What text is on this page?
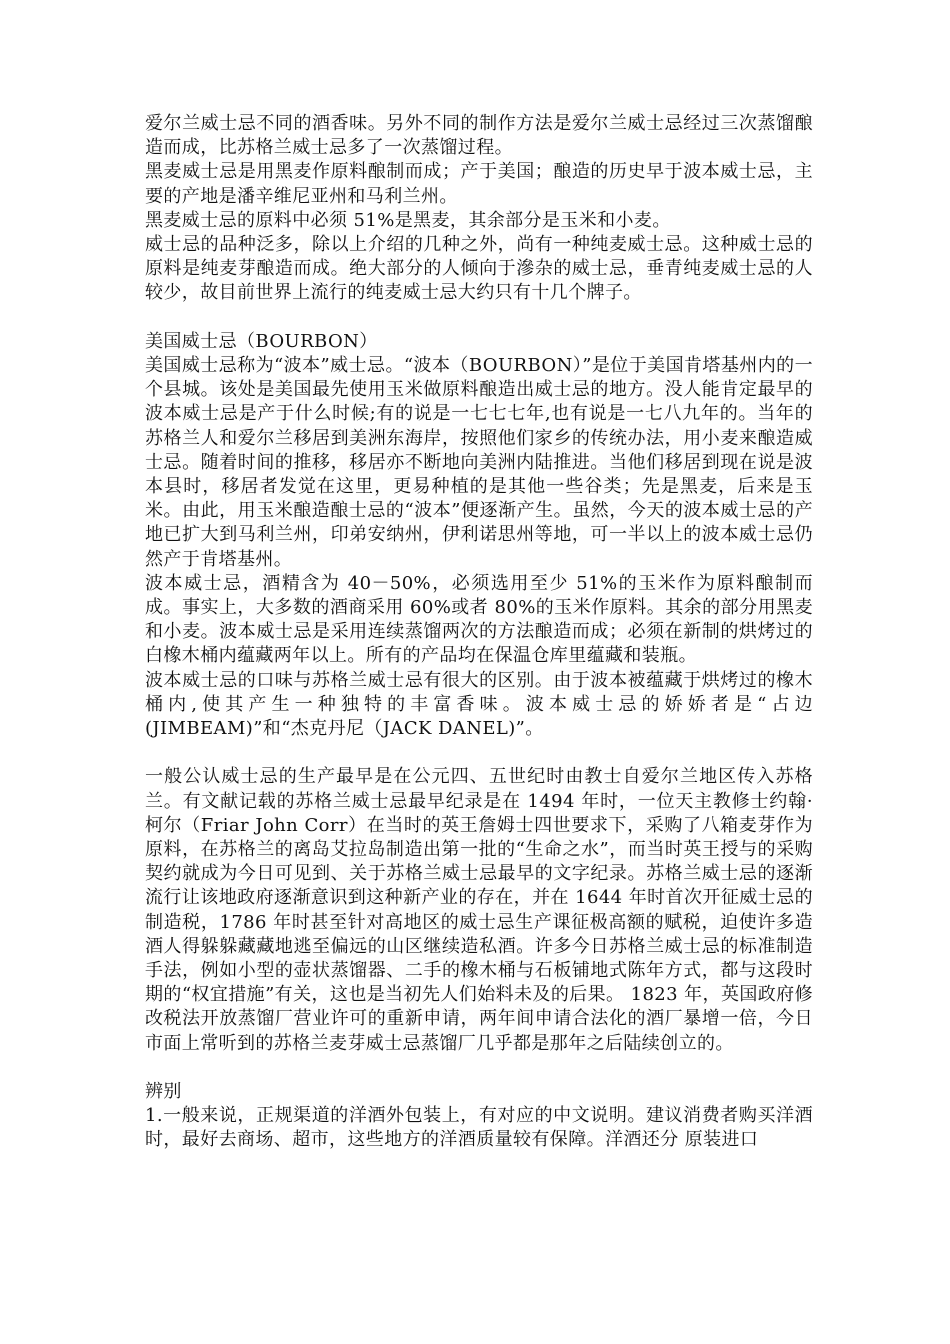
爱尔兰威士忌不同的酒香味。另外不同的制作方法是爱尔兰威士忌经过三次蒸馏酿造而成，比苏格兰威士忌多了一次蒸馏过程。

黑麦威士忌是用黑麦作原料酿制而成；产于美国；酿造的历史早于波本威士忌，主要的产地是潘辛维尼亚州和马利兰州。

黑麦威士忌的原料中必须 51%是黑麦，其余部分是玉米和小麦。

威士忌的品种泛多，除以上介绍的几种之外，尚有一种纯麦威士忌。这种威士忌的原料是纯麦芽酿造而成。绝大部分的人倾向于滲杂的威士忌，垂青纯麦威士忌的人较少，故目前世界上流行的纯麦威士忌大约只有十几个牌子。

美国威士忌（BOURBON）

美国威士忌称为“波本”威士忌。“波本（BOURBON）”是位于美国肯塔基州内的一个县城。该处是美国最先使用玉米做原料酿造出威士忌的地方。没人能肯定最早的波本威士忌是产于什么时候;有的说是一七七七年,也有说是一七八九年的。当年的苏格兰人和爱尔兰移居到美洲东海岸，按照他们家乡的传统办法，用小麦来酿造威士忌。随着时间的推移，移居亦不断地向美洲内陆推进。当他们移居到现在说是波本县时，移居者发觉在这里，更易种植的是其他一些谷类；先是黑麦，后来是玉米。由此，用玉米酿造酿士忌的“波本”便逐渐产生。虽然，今天的波本威士忌的产地已扩大到马利兰州，印弟安纳州，伊利诺思州等地，可一半以上的波本威士忌仍然产于肯塔基州。

波本威士忌，酒精含为 40－50%，必须选用至少 51%的玉米作为原料酿制而成。事实上，大多数的酒商采用 60%或者 80%的玉米作原料。其余的部分用黑麦和小麦。波本威士忌是采用连续蒸馏两次的方法酿造而成；必须在新制的烘烤过的白橡木桶内蕴藏两年以上。所有的产品均在保温仓库里蕴藏和装瓶。

波本威士忌的口味与苏格兰威士忌有很大的区别。由于波本被蕴藏于烘烤过的橡木桶内,使其产生一种独特的丰富香味。波本威士忌的娇娇者是“占边(JIMBEAM)”和“杰克丹尼（JACK DANEL)”。

一般公认威士忌的生产最早是在公元四、五世纪时由教士自爱尔兰地区传入苏格兰。有文献记载的苏格兰威士忌最早纪录是在 1494 年时，一位天主教修士约翰·柯尔（Friar John Corr）在当时的英王詹姆士四世要求下，采购了八箱麦芽作为原料，在苏格兰的离岛艾拉岛制造出第一批的“生命之水”，而当时英王授与的采购契约就成为今日可见到、关于苏格兰威士忌最早的文字纪录。苏格兰威士忌的逐渐流行让该地政府逐渐意识到这种新产业的存在，并在 1644 年时首次开征威士忌的制造税，1786 年时甚至针对高地区的威士忌生产课征极高额的赋税，迫使许多造酒人得躲躲藏藏地逃至偏远的山区继续造私酒。许多今日苏格兰威士忌的标准制造手法，例如小型的壶状蒸馏器、二手的橡木桶与石板铺地式陈年方式，都与这段时期的“权宜措施”有关，这也是当初先人们始料未及的后果。 1823 年，英国政府修改税法开放蒸馏厂营业许可的重新申请，两年间申请合法化的酒厂暴增一倍，今日市面上常听到的苏格兰麦芽威士忌蒸馏厂几乎都是那年之后陆续创立的。

辨别

1.一般来说，正规渠道的洋酒外包装上，有对应的中文说明。建议消费者购买洋酒时，最好去商场、超市，这些地方的洋酒质量较有保障。洋酒还分 原装进口
